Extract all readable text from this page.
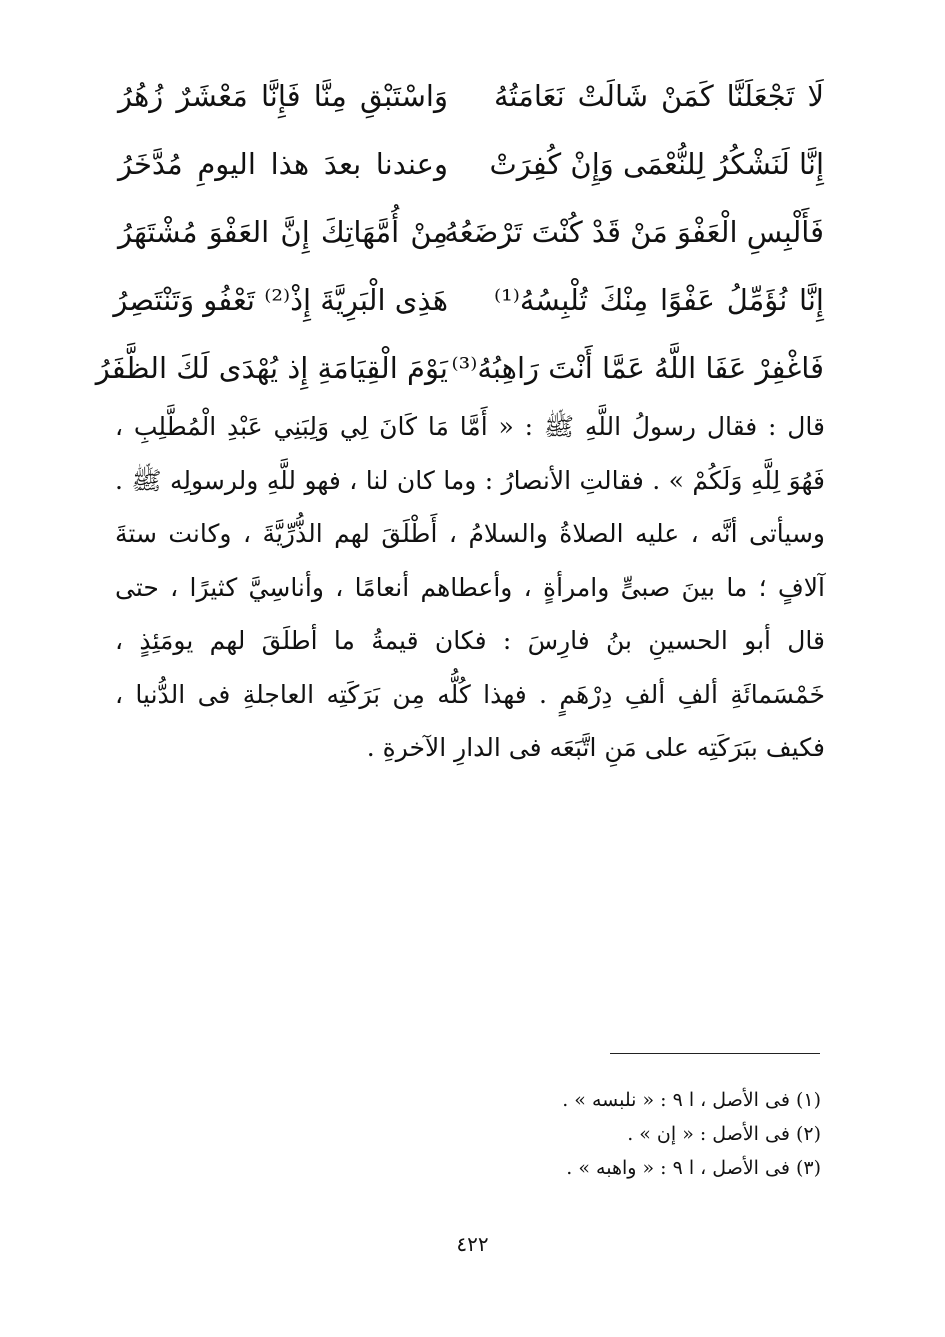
لَا تَجْعَلَنَّا كَمَنْ شَالَتْ نَعَامَتُهُ
وَاسْتَبْقِ مِنَّا فَإِنَّا مَعْشَرٌ زُهُرُ
إِنَّا لَنَشْكُرُ لِلنُّعْمَى وَإِنْ كُفِرَتْ
وعندنا بعدَ هذا اليومِ مُدَّخَرُ
فَأَلْبِسِ الْعَفْوَ مَنْ قَدْ كُنْتَ تَرْضَعُهُ
مِنْ أُمَّهَاتِكَ إِنَّ العَفْوَ مُشْتَهَرُ
إِنَّا نُؤَمِّلُ عَفْوًا مِنْكَ تُلْبِسُهُ⁽¹⁾
هَذِى الْبَرِيَّةَ إِذْ⁽²⁾ تَعْفُو وَتَنْتَصِرُ
فَاغْفِرْ عَفَا اللَّهُ عَمَّا أَنْتَ رَاهِبُهُ⁽³⁾
يَوْمَ الْقِيَامَةِ إِذ يُهْدَى لَكَ الظَّفَرُ

قال : فقال رسولُ اللَّهِ ﷺ : « أَمَّا مَا كَانَ لِي وَلِبَنِي عَبْدِ الْمُطَّلِبِ ، فَهُوَ لِلَّهِ وَلَكُمْ » . فقالتِ الأنصارُ : وما كان لنا ، فهو للَّهِ ولرسولِه ﷺ . وسيأتى أنَّه ، عليه الصلاةُ والسلامُ ، أَطْلَقَ لهم الذُّرِّيَّةَ ، وكانت ستةَ آلافٍ ؛ ما بينَ صبىٍّ وامرأةٍ ، وأعطاهم أنعامًا ، وأناسِيَّ كثيرًا ، حتى قال أبو الحسينِ بنُ فارِسَ : فكان قيمةُ ما أطلَقَ لهم يومَئِذٍ ، خَمْسَمائَةِ ألفِ ألفِ دِرْهَمٍ . فهذا كُلُّه مِن بَرَكَتِه العاجلةِ فى الدُّنيا ، فكيف ببَرَكَتِه على مَنِ اتَّبَعَه فى الدارِ الآخرةِ .

(١) فى الأصل ، ا ٩ : « نلبسه » .
(٢) فى الأصل : « إن » .
(٣) فى الأصل ، ا ٩ : « واهبه » .
٤٢٢
